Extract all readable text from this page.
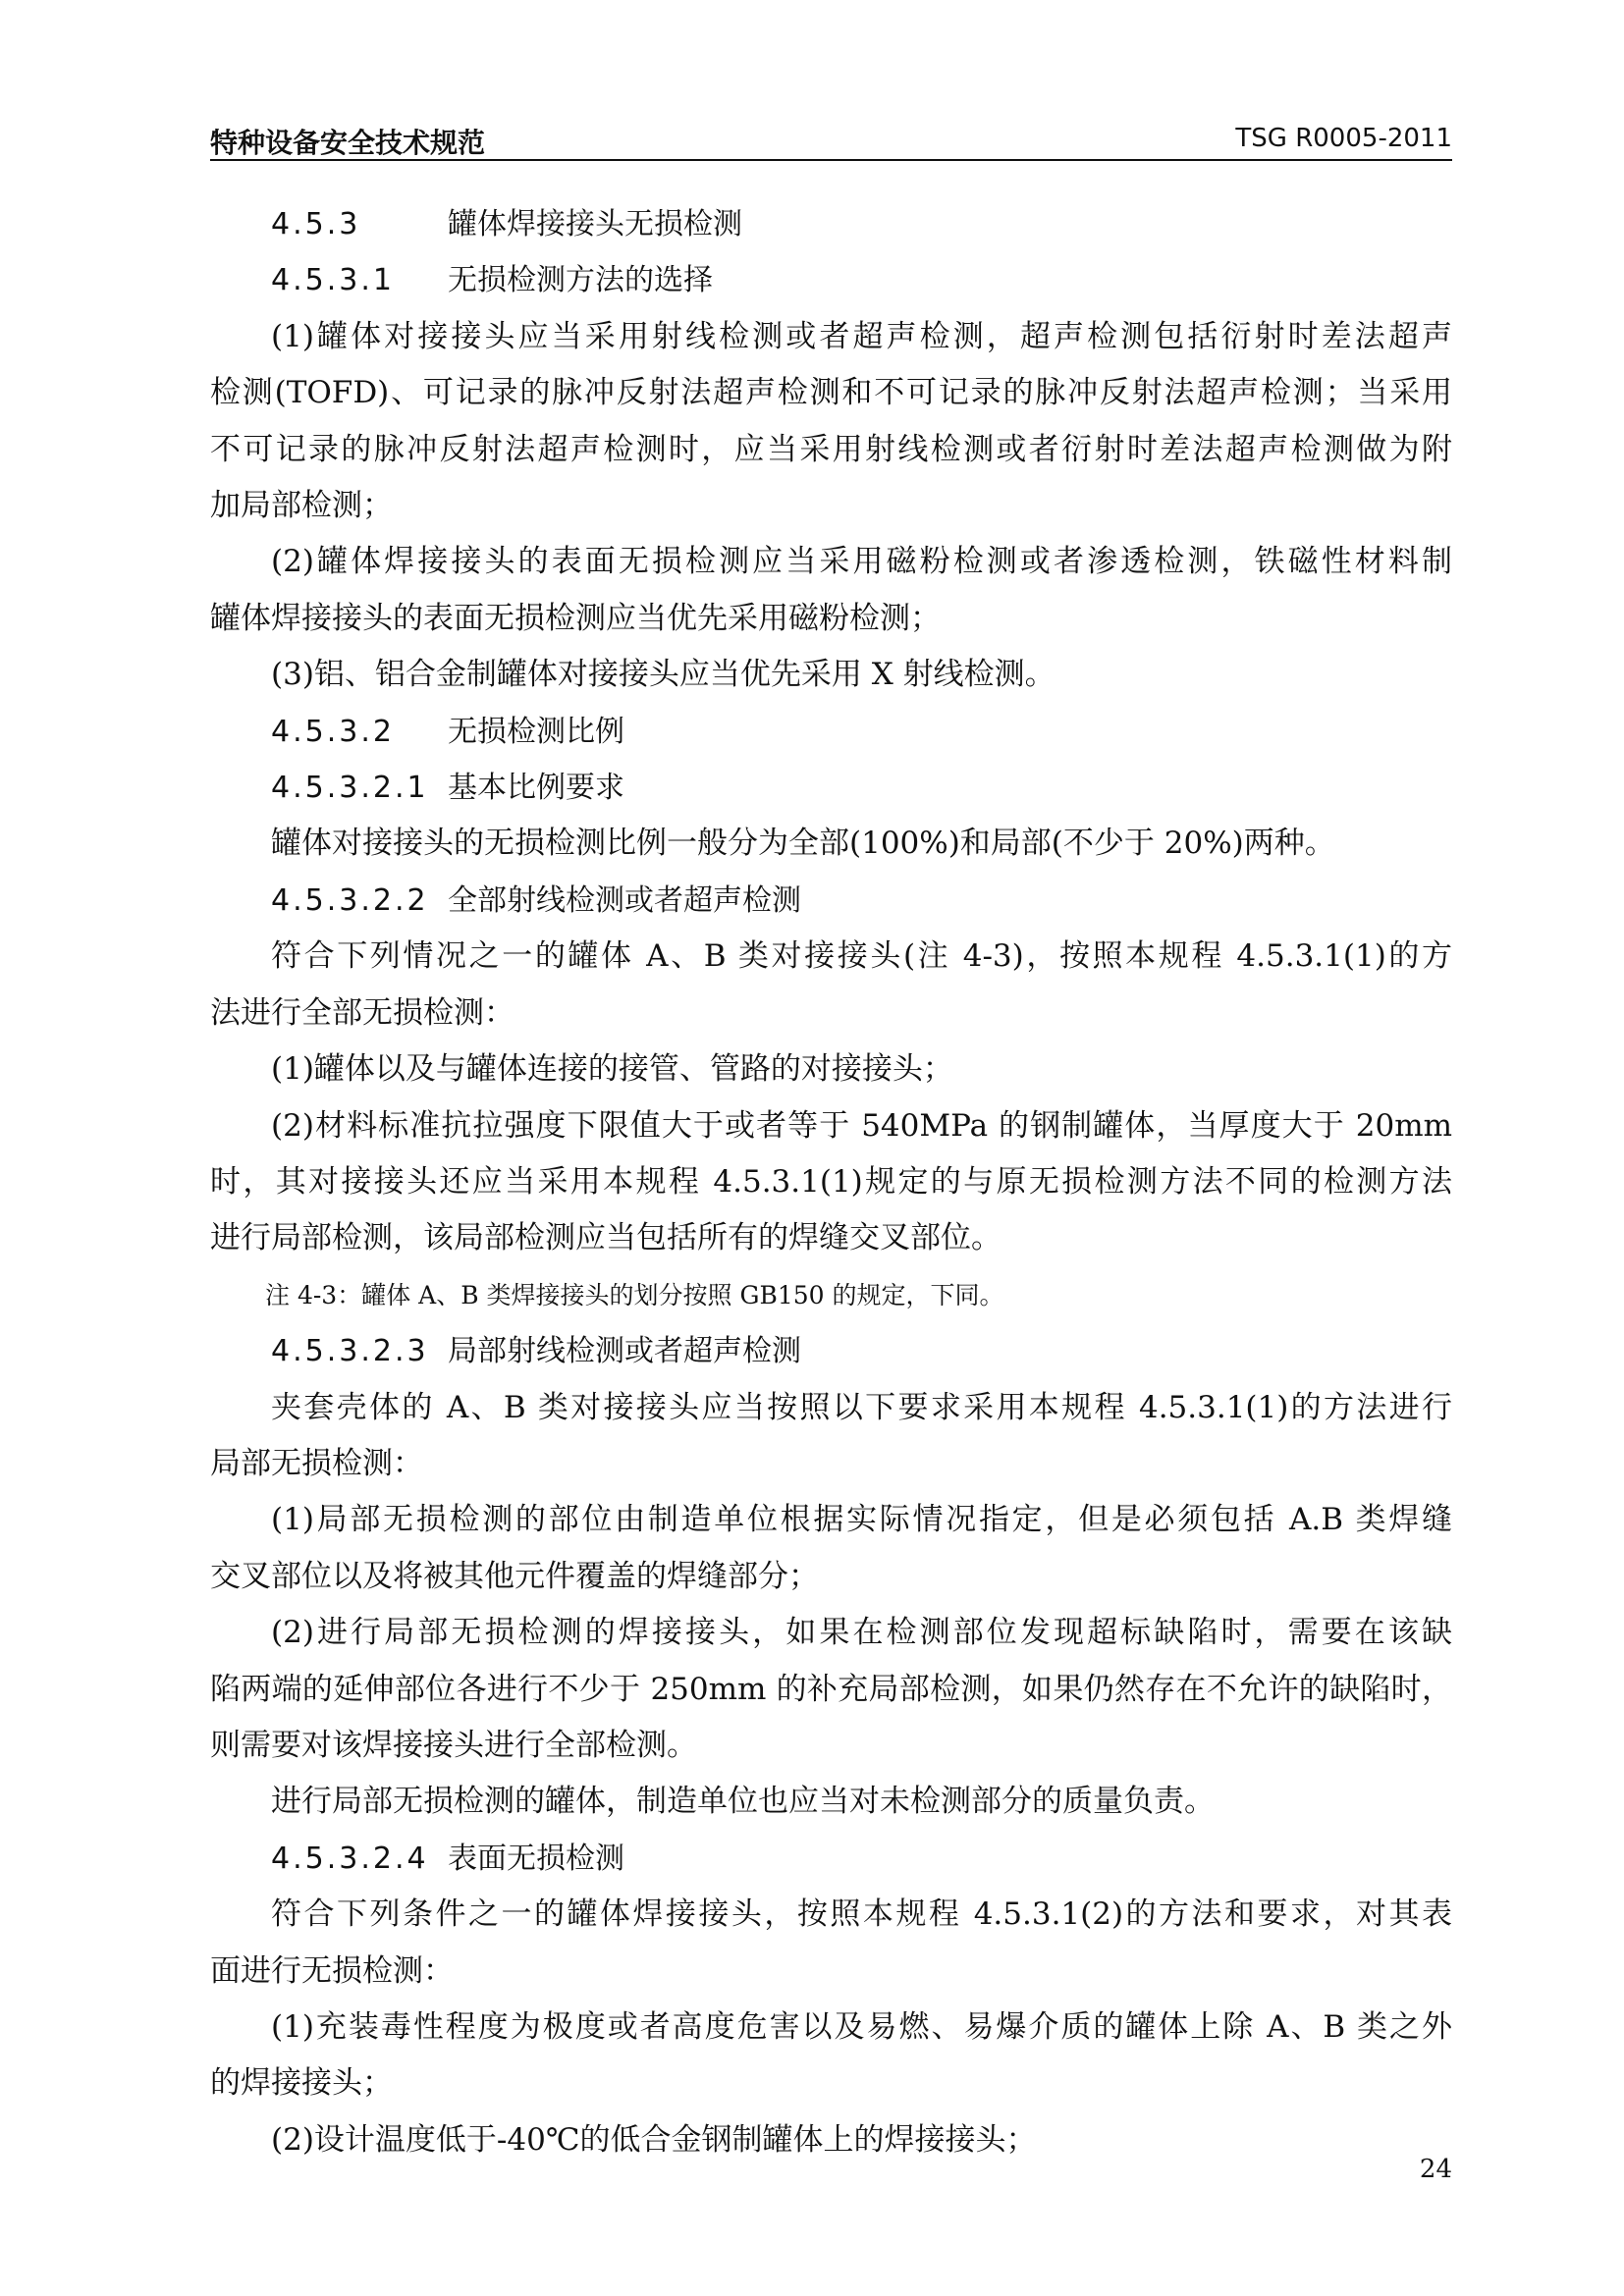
特种设备安全技术规范	TSG R0005-2011
4.5.3	罐体焊接接头无损检测
4.5.3.1 无损检测方法的选择
(1)罐体对接接头应当采用射线检测或者超声检测，超声检测包括衍射时差法超声
检测(TOFD)、可记录的脉冲反射法超声检测和不可记录的脉冲反射法超声检测；当采用
不可记录的脉冲反射法超声检测时，应当采用射线检测或者衍射时差法超声检测做为附
加局部检测；
(2)罐体焊接接头的表面无损检测应当采用磁粉检测或者渗透检测，铁磁性材料制
罐体焊接接头的表面无损检测应当优先采用磁粉检测；
(3)铝、铝合金制罐体对接接头应当优先采用 X 射线检测。
4.5.3.2 无损检测比例
4.5.3.2.1 基本比例要求
罐体对接接头的无损检测比例一般分为全部(100%)和局部(不少于 20%)两种。
4.5.3.2.2 全部射线检测或者超声检测
符合下列情况之一的罐体 A、B 类对接接头(注 4-3)，按照本规程 4.5.3.1(1)的方
法进行全部无损检测：
(1)罐体以及与罐体连接的接管、管路的对接接头；
(2)材料标准抗拉强度下限值大于或者等于 540MPa 的钢制罐体，当厚度大于 20mm
时，其对接接头还应当采用本规程 4.5.3.1(1)规定的与原无损检测方法不同的检测方法
进行局部检测，该局部检测应当包括所有的焊缝交叉部位。
注 4-3：罐体 A、B 类焊接接头的划分按照 GB150 的规定，下同。
4.5.3.2.3 局部射线检测或者超声检测
夹套壳体的 A、B 类对接接头应当按照以下要求采用本规程 4.5.3.1(1)的方法进行
局部无损检测：
(1)局部无损检测的部位由制造单位根据实际情况指定，但是必须包括 A.B 类焊缝
交叉部位以及将被其他元件覆盖的焊缝部分；
(2)进行局部无损检测的焊接接头，如果在检测部位发现超标缺陷时，需要在该缺
陷两端的延伸部位各进行不少于 250mm 的补充局部检测，如果仍然存在不允许的缺陷时，
则需要对该焊接接头进行全部检测。
进行局部无损检测的罐体，制造单位也应当对未检测部分的质量负责。
4.5.3.2.4 表面无损检测
符合下列条件之一的罐体焊接接头，按照本规程 4.5.3.1(2)的方法和要求，对其表
面进行无损检测：
(1)充装毒性程度为极度或者高度危害以及易燃、易爆介质的罐体上除 A、B 类之外
的焊接接头；
(2)设计温度低于-40℃的低合金钢制罐体上的焊接接头；
24
